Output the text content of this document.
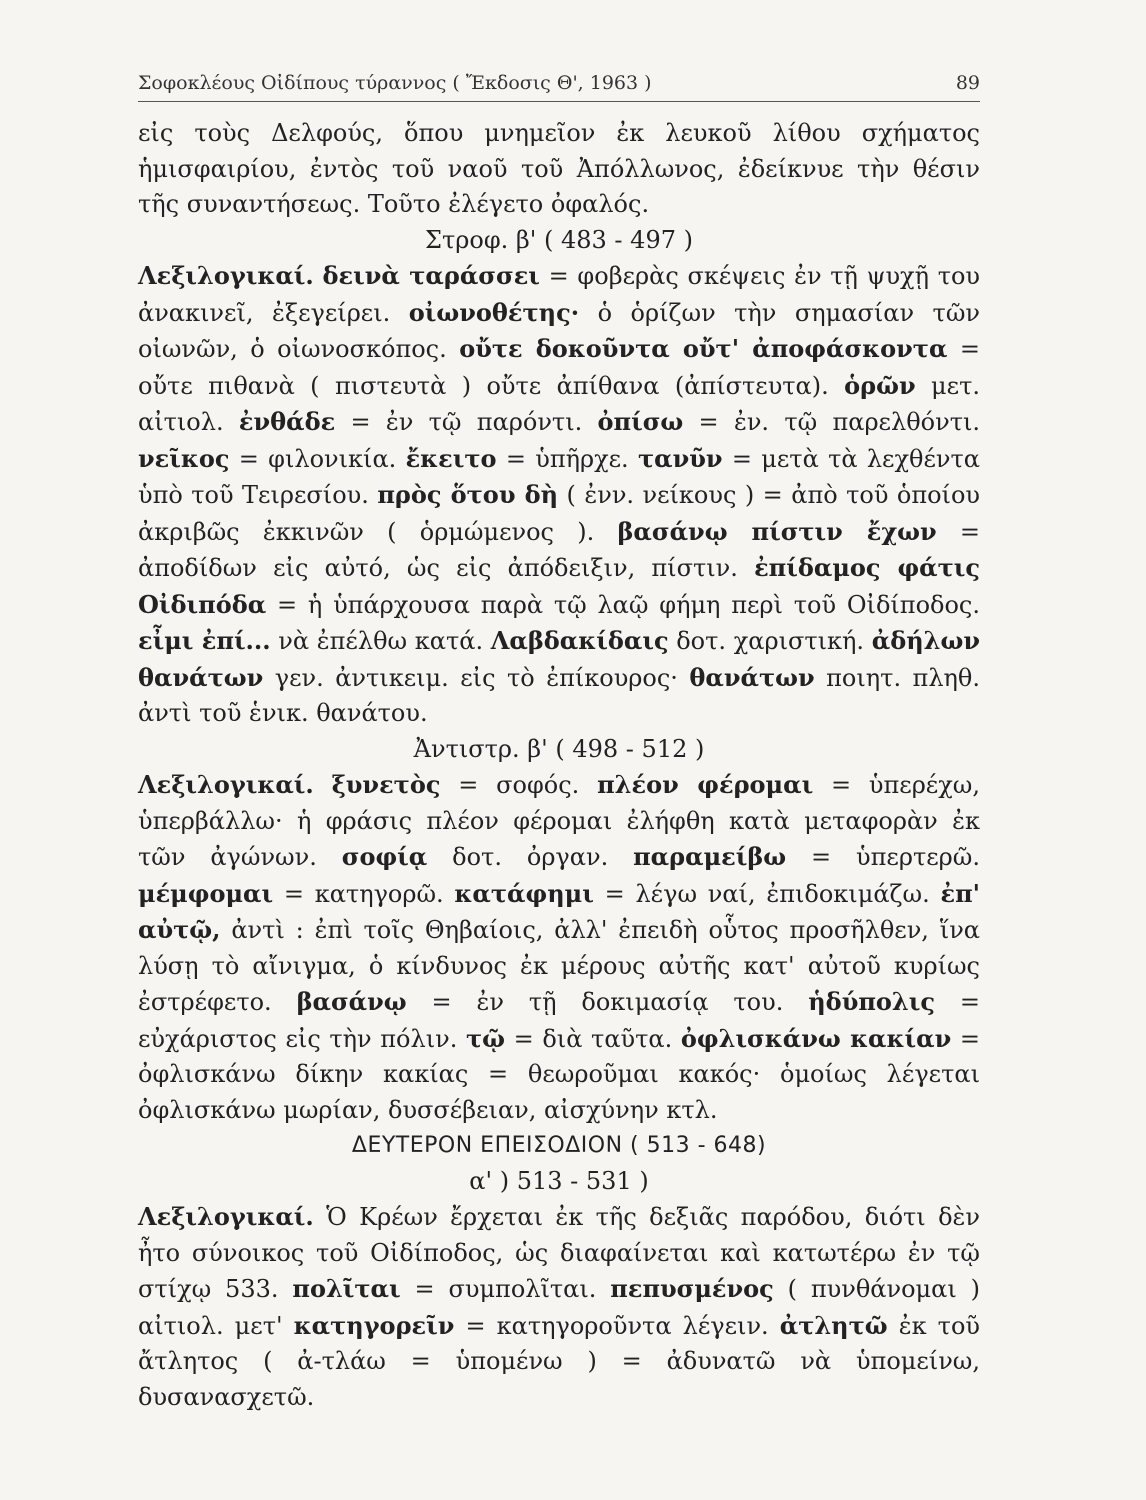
Σοφοκλέους Οἰδίπους τύραννος ( Ἔκδοσις Θ', 1963 )	89

εἰς τοὺς Δελφούς, ὅπου μνημεῖον ἐκ λευκοῦ λίθου σχήματος ἡμισφαιρίου, ἐντὸς τοῦ ναοῦ τοῦ Ἀπόλλωνος, ἐδείκνυε τὴν θέσιν τῆς συναντήσεως. Τοῦτο ἐλέγετο ὀφαλός.

Στροφ. β' ( 483 - 497 )

Λεξιλογικαί. δεινὰ ταράσσει = φοβερὰς σκέψεις ἐν τῇ ψυχῇ του ἀνακινεῖ, ἐξεγείρει. οἰωνοθέτης· ὁ ὁρίζων τὴν σημασίαν τῶν οἰωνῶν, ὁ οἰωνοσκόπος. οὔτε δοκοῦντα οὔτ' ἀποφάσκοντα = οὔτε πιθανὰ ( πιστευτὰ ) οὔτε ἀπίθανα (ἀπίστευτα). ὁρῶν μετ. αἰτιολ. ἐνθάδε = ἐν τῷ παρόντι. ὀπίσω = ἐν. τῷ παρελθόντι. νεῖκος = φιλονικία. ἔκειτο = ὑπῆρχε. τανῦν = μετὰ τὰ λεχθέντα ὑπὸ τοῦ Τειρεσίου. πρὸς ὅτου δὴ ( ἐνν. νείκους ) = ἀπὸ τοῦ ὁποίου ἀκριβῶς ἐκκινῶν ( ὁρμώμενος ). βασάνῳ πίστιν ἔχων = ἀποδίδων εἰς αὐτό, ὡς εἰς ἀπόδειξιν, πίστιν. ἐπίδαμος φάτις Οἰδιπόδα = ἡ ὑπάρχουσα παρὰ τῷ λαῷ φήμη περὶ τοῦ Οἰδίποδος. εἶμι ἐπί... νὰ ἐπέλθω κατά. Λαβδακίδαις δοτ. χαριστική. ἀδήλων θανάτων γεν. ἀντικειμ. εἰς τὸ ἐπίκουρος· θανάτων ποιητ. πληθ. ἀντὶ τοῦ ἑνικ. θανάτου.

Ἀντιστρ. β' ( 498 - 512 )

Λεξιλογικαί. ξυνετὸς = σοφός. πλέον φέρομαι = ὑπερέχω, ὑπερβάλλω· ἡ φράσις πλέον φέρομαι ἐλήφθη κατὰ μεταφορὰν ἐκ τῶν ἀγώνων. σοφίᾳ δοτ. ὀργαν. παραμείβω = ὑπερτερῶ. μέμφομαι = κατηγορῶ. κατάφημι = λέγω ναί, ἐπιδοκιμάζω. ἐπ' αὐτῷ, ἀντὶ : ἐπὶ τοῖς Θηβαίοις, ἀλλ' ἐπειδὴ οὗτος προσῆλθεν, ἵνα λύσῃ τὸ αἴνιγμα, ὁ κίνδυνος ἐκ μέρους αὐτῆς κατ' αὐτοῦ κυρίως ἐστρέφετο. βασάνῳ = ἐν τῇ δοκιμασίᾳ του. ἡδύπολις = εὐχάριστος εἰς τὴν πόλιν. τῷ = διὰ ταῦτα. ὀφλισκάνω κακίαν = ὀφλισκάνω δίκην κακίας = θεωροῦμαι κακός· ὁμοίως λέγεται ὀφλισκάνω μωρίαν, δυσσέβειαν, αἰσχύνην κτλ.

ΔΕΥΤΕΡΟΝ ΕΠΕΙΣΟΔΙΟΝ ( 513 - 648)

α' ) 513 - 531 )

Λεξιλογικαί. Ὁ Κρέων ἔρχεται ἐκ τῆς δεξιᾶς παρόδου, διότι δὲν ἦτο σύνοικος τοῦ Οἰδίποδος, ὡς διαφαίνεται καὶ κατωτέρω ἐν τῷ στίχῳ 533. πολῖται = συμπολῖται. πεπυσμένος ( πυνθάνομαι ) αἰτιολ. μετ' κατηγορεῖν = κατηγοροῦντα λέγειν. ἀτλητῶ ἐκ τοῦ ἄτλητος ( ἀ-τλάω = ὑπομένω ) = ἀδυνατῶ νὰ ὑπομείνω, δυσανασχετῶ.
